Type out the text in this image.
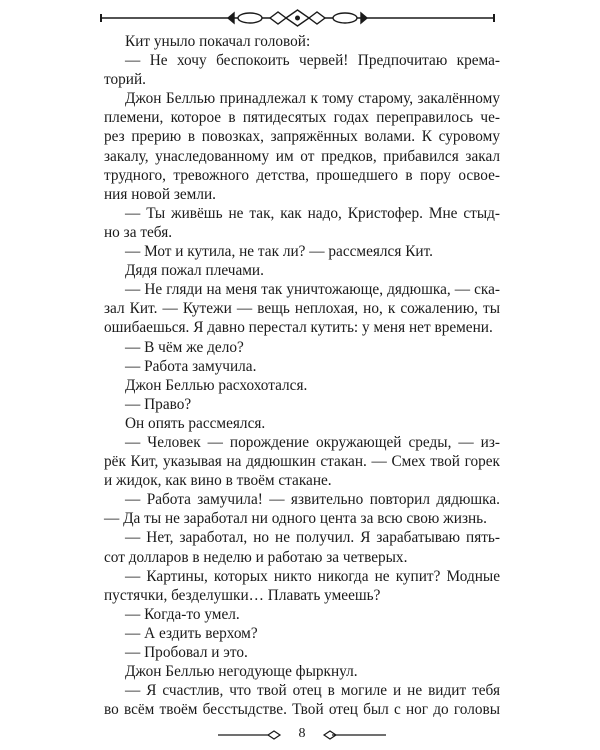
Кит уныло покачал головой:
— Не хочу беспокоить червей! Предпочитаю крема-
торий.
Джон Беллью принадлежал к тому старому, закалённому
племени, которое в пятидесятых годах переправилось че-
рез прерию в повозках, запряжённых волами. К суровому
закалу, унаследованному им от предков, прибавился закал
трудного, тревожного детства, прошедшего в пору освое-
ния новой земли.
— Ты живёшь не так, как надо, Кристофер. Мне стыд-
но за тебя.
— Мот и кутила, не так ли? — рассмеялся Кит.
Дядя пожал плечами.
— Не гляди на меня так уничтожающе, дядюшка, — ска-
зал Кит. — Кутежи — вещь неплохая, но, к сожалению, ты
ошибаешься. Я давно перестал кутить: у меня нет времени.
— В чём же дело?
— Работа замучила.
Джон Беллью расхохотался.
— Право?
Он опять рассмеялся.
— Человек — порождение окружающей среды, — из-
рёк Кит, указывая на дядюшкин стакан. — Смех твой горек
и жидок, как вино в твоём стакане.
— Работа замучила! — язвительно повторил дядюшка.
— Да ты не заработал ни одного цента за всю свою жизнь.
— Нет, заработал, но не получил. Я зарабатываю пять-
сот долларов в неделю и работаю за четверых.
— Картины, которых никто никогда не купит? Модные
пустячки, безделушки… Плавать умеешь?
— Когда-то умел.
— А ездить верхом?
— Пробовал и это.
Джон Беллью негодующе фыркнул.
— Я счастлив, что твой отец в могиле и не видит тебя
во всём твоём бесстыдстве. Твой отец был с ног до головы
8
